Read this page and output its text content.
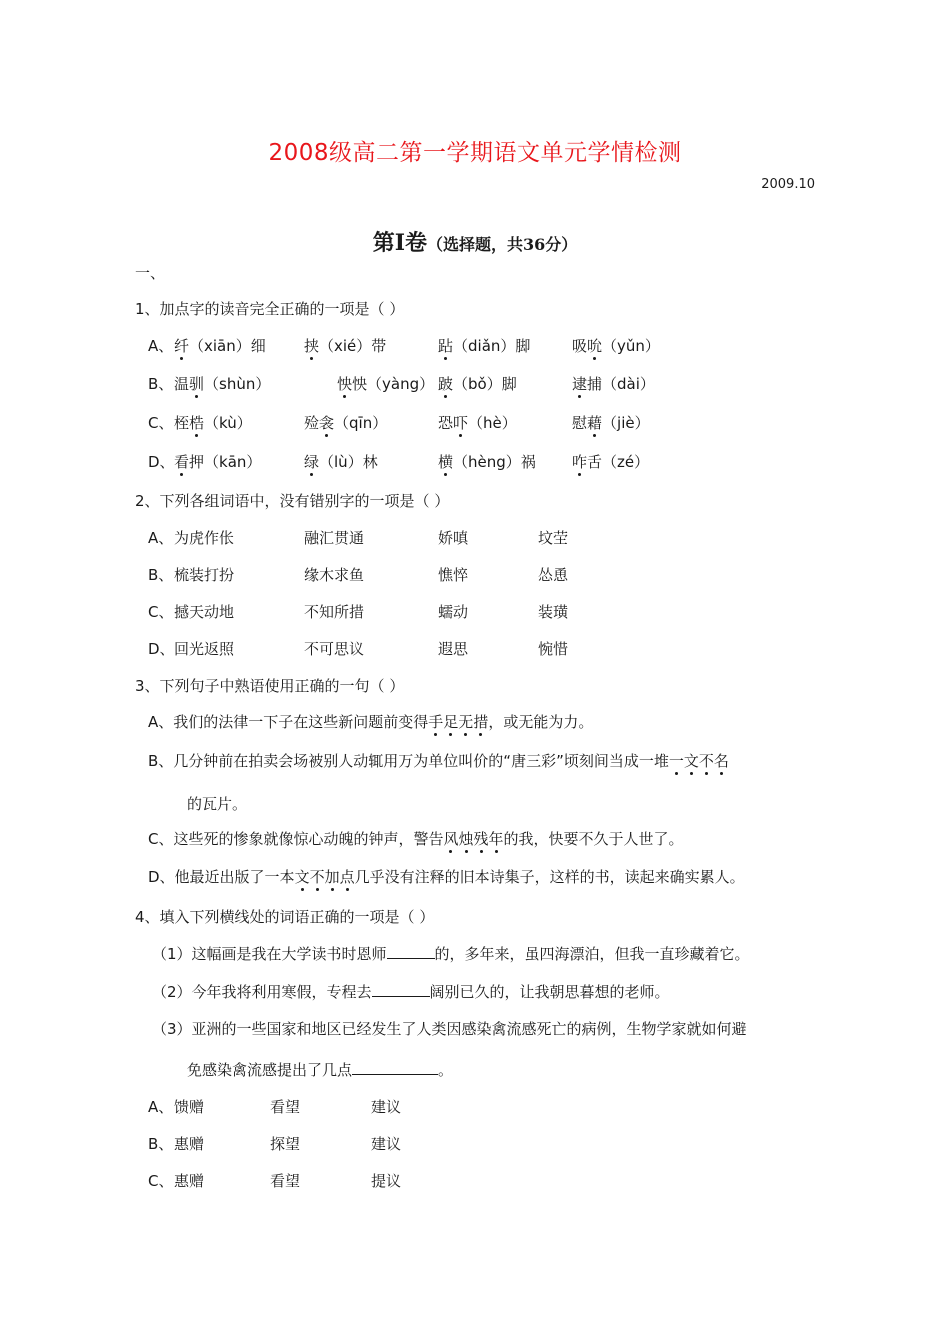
2008级高二第一学期语文单元学情检测
2009.10
第Ⅰ卷（选择题，共36分）
一、
1、加点字的读音完全正确的一项是（ ）
A、 纤（xiān）细	挟（xié）带	跕（diǎn）脚	吸吮（yǔn）
B、 温驯（shùn）	怏怏（yàng） 跛（bǒ）脚	逮捕（dài）
C、 桎梏（kù）	殓衾（qīn）	恐吓（hè）	慰藉（jiè）
D、 看押（kān）	绿（lù）林	横（hèng）祸 咋舌（zé）
2、下列各组词语中，没有错别字的一项是（ ）
A、 为虎作伥	融汇贯通	娇嗔	坟茔
B、 梳装打扮	缘木求鱼	憔悴	怂恿
C、 撼天动地	不知所措	蠕动	装璜
D、 回光返照	不可思议	遐思	惋惜
3、下列句子中熟语使用正确的一句（ ）
A、我们的法律一下子在这些新问题前变得手足无措，或无能为力。
B、几分钟前在拍卖会场被别人动辄用万为单位叫价的“唐三彩”顷刻间当成一堆一文不名
的瓦片。
C、这些死的惨象就像惊心动魄的钟声，警告风烛残年的我，快要不久于人世了。
D、他最近出版了一本文不加点几乎没有注释的旧本诗集子，这样的书，读起来确实累人。
4、填入下列横线处的词语正确的一项是（ ）
（1）这幅画是我在大学读书时恩师	的，多年来，虽四海漂泊，但我一直珍藏着它。
（2）今年我将利用寒假，专程去	阔别已久的，让我朝思暮想的老师。
（3）亚洲的一些国家和地区已经发生了人类因感染禽流感死亡的病例，生物学家就如何避
免感染禽流感提出了几点	。
A、 馈赠	看望	建议
B、 惠赠	探望	建议
C、 惠赠	看望	提议
